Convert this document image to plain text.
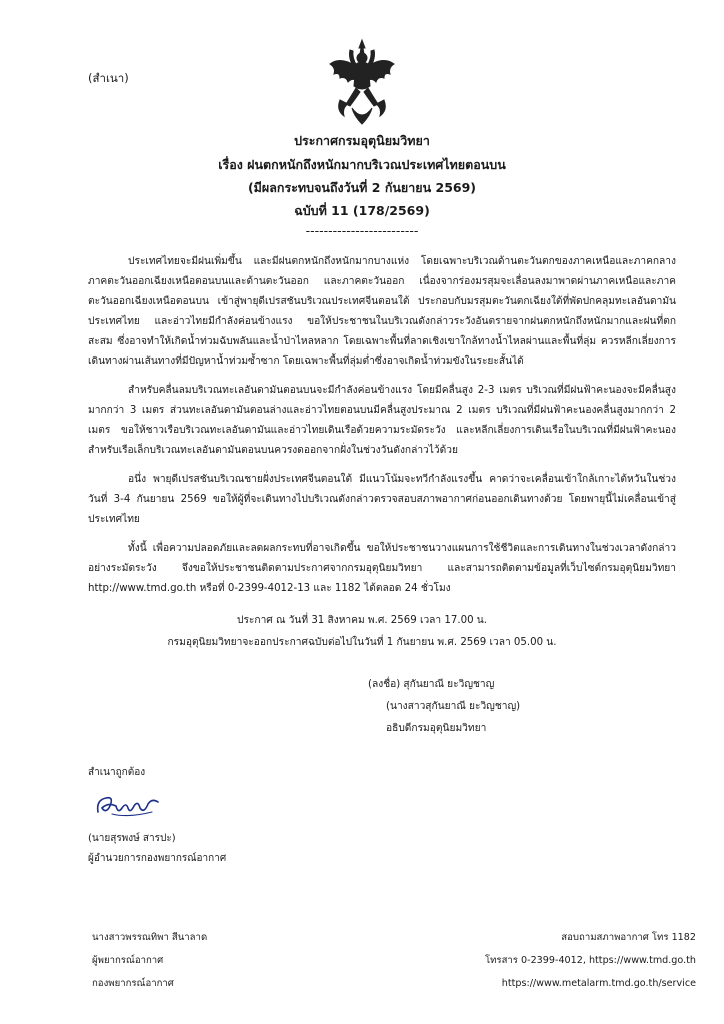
(สำเนา)
ประกาศกรมอุตุนิยมวิทยา
เรื่อง ฝนตกหนักถึงหนักมากบริเวณประเทศไทยตอนบน
(มีผลกระทบจนถึงวันที่ 2 กันยายน 2569)
ฉบับที่ 11 (178/2569)
-------------------------

ประเทศไทยจะมีฝนเพิ่มขึ้น และมีฝนตกหนักถึงหนักมากบางแห่ง โดยเฉพาะบริเวณด้านตะวันตกของภาคเหนือและภาคกลาง ภาคตะวันออกเฉียงเหนือตอนบนและด้านตะวันออก และภาคตะวันออก เนื่องจากร่องมรสุมจะเลื่อนลงมาพาดผ่านภาคเหนือและภาคตะวันออกเฉียงเหนือตอนบน เข้าสู่พายุดีเปรสชันบริเวณประเทศจีนตอนใต้ ประกอบกับมรสุมตะวันตกเฉียงใต้ที่พัดปกคลุมทะเลอันดามัน ประเทศไทย และอ่าวไทยมีกำลังค่อนข้างแรง ขอให้ประชาชนในบริเวณดังกล่าวระวังอันตรายจากฝนตกหนักถึงหนักมากและฝนที่ตกสะสม ซึ่งอาจทำให้เกิดน้ำท่วมฉับพลันและน้ำป่าไหลหลาก โดยเฉพาะพื้นที่ลาดเชิงเขาใกล้ทางน้ำไหลผ่านและพื้นที่ลุ่ม ควรหลีกเลี่ยงการเดินทางผ่านเส้นทางที่มีปัญหาน้ำท่วมซ้ำซาก โดยเฉพาะพื้นที่ลุ่มต่ำซึ่งอาจเกิดน้ำท่วมขังในระยะสั้นได้

สำหรับคลื่นลมบริเวณทะเลอันดามันตอนบนจะมีกำลังค่อนข้างแรง โดยมีคลื่นสูง 2-3 เมตร บริเวณที่มีฝนฟ้าคะนองจะมีคลื่นสูงมากกว่า 3 เมตร ส่วนทะเลอันดามันตอนล่างและอ่าวไทยตอนบนมีคลื่นสูงประมาณ 2 เมตร บริเวณที่มีฝนฟ้าคะนองคลื่นสูงมากกว่า 2 เมตร ขอให้ชาวเรือบริเวณทะเลอันดามันและอ่าวไทยเดินเรือด้วยความระมัดระวัง และหลีกเลี่ยงการเดินเรือในบริเวณที่มีฝนฟ้าคะนอง สำหรับเรือเล็กบริเวณทะเลอันดามันตอนบนควรงดออกจากฝั่งในช่วงวันดังกล่าวไว้ด้วย

อนึ่ง พายุดีเปรสชันบริเวณชายฝั่งประเทศจีนตอนใต้ มีแนวโน้มจะทวีกำลังแรงขึ้น คาดว่าจะเคลื่อนเข้าใกล้เกาะไต้หวันในช่วงวันที่ 3-4 กันยายน 2569 ขอให้ผู้ที่จะเดินทางไปบริเวณดังกล่าวตรวจสอบสภาพอากาศก่อนออกเดินทางด้วย โดยพายุนี้ไม่เคลื่อนเข้าสู่ประเทศไทย

ทั้งนี้ เพื่อความปลอดภัยและลดผลกระทบที่อาจเกิดขึ้น ขอให้ประชาชนวางแผนการใช้ชีวิตและการเดินทางในช่วงเวลาดังกล่าวอย่างระมัดระวัง จึงขอให้ประชาชนติดตามประกาศจากกรมอุตุนิยมวิทยา และสามารถติดตามข้อมูลที่เว็บไซต์กรมอุตุนิยมวิทยา http://www.tmd.go.th หรือที่ 0-2399-4012-13 และ 1182 ได้ตลอด 24 ชั่วโมง

ประกาศ ณ วันที่ 31 สิงหาคม พ.ศ. 2569 เวลา 17.00 น.
กรมอุตุนิยมวิทยาจะออกประกาศฉบับต่อไปในวันที่ 1 กันยายน พ.ศ. 2569 เวลา 05.00 น.
(ลงชื่อ) สุกันยาณี ยะวิญชาญ
(นางสาวสุกันยาณี ยะวิญชาญ)
อธิบดีกรมอุตุนิยมวิทยา
สำเนาถูกต้อง
(นายสุรพงษ์ สารปะ)
ผู้อำนวยการกองพยากรณ์อากาศ
นางสาวพรรณทิพา สีนาลาด
ผู้พยากรณ์อากาศ
กองพยากรณ์อากาศ
สอบถามสภาพอากาศ โทร 1182
โทรสาร 0-2399-4012, https://www.tmd.go.th
https://www.metalarm.tmd.go.th/service
